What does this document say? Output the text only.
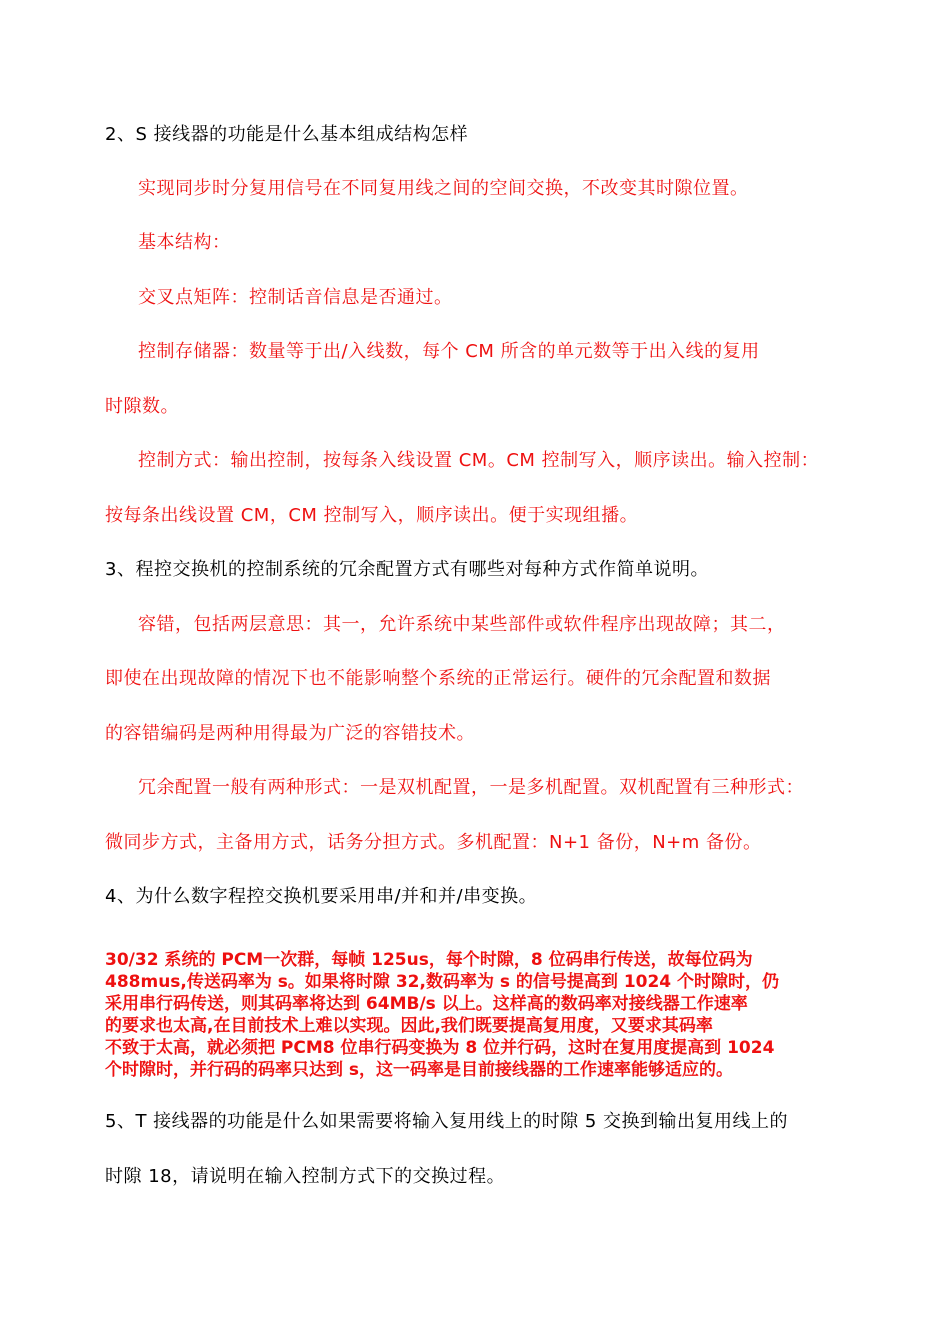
2、S 接线器的功能是什么基本组成结构怎样
实现同步时分复用信号在不同复用线之间的空间交换，不改变其时隙位置。
基本结构：
交叉点矩阵：控制话音信息是否通过。
控制存储器：数量等于出/入线数，每个 CM 所含的单元数等于出入线的复用
时隙数。
控制方式：输出控制，按每条入线设置 CM。CM 控制写入，顺序读出。输入控制：
按每条出线设置 CM，CM 控制写入，顺序读出。便于实现组播。
3、程控交换机的控制系统的冗余配置方式有哪些对每种方式作简单说明。
容错，包括两层意思：其一，允许系统中某些部件或软件程序出现故障；其二，
即使在出现故障的情况下也不能影响整个系统的正常运行。硬件的冗余配置和数据
的容错编码是两种用得最为广泛的容错技术。
冗余配置一般有两种形式：一是双机配置，一是多机配置。双机配置有三种形式：
微同步方式，主备用方式，话务分担方式。多机配置：N+1 备份，N+m 备份。
4、为什么数字程控交换机要采用串/并和并/串变换。
30/32 系统的 PCM一次群，每帧 125us，每个时隙，8 位码串行传送，故每位码为
488mus,传送码率为 s。如果将时隙 32,数码率为 s 的信号提高到 1024 个时隙时，仍
采用串行码传送，则其码率将达到 64MB/s 以上。这样高的数码率对接线器工作速率
的要求也太高,在目前技术上难以实现。因此,我们既要提高复用度，又要求其码率
不致于太高，就必须把 PCM8 位串行码变换为 8 位并行码，这时在复用度提高到 1024
个时隙时，并行码的码率只达到 s，这一码率是目前接线器的工作速率能够适应的。
5、T 接线器的功能是什么如果需要将输入复用线上的时隙 5 交换到输出复用线上的
时隙 18，请说明在输入控制方式下的交换过程。
